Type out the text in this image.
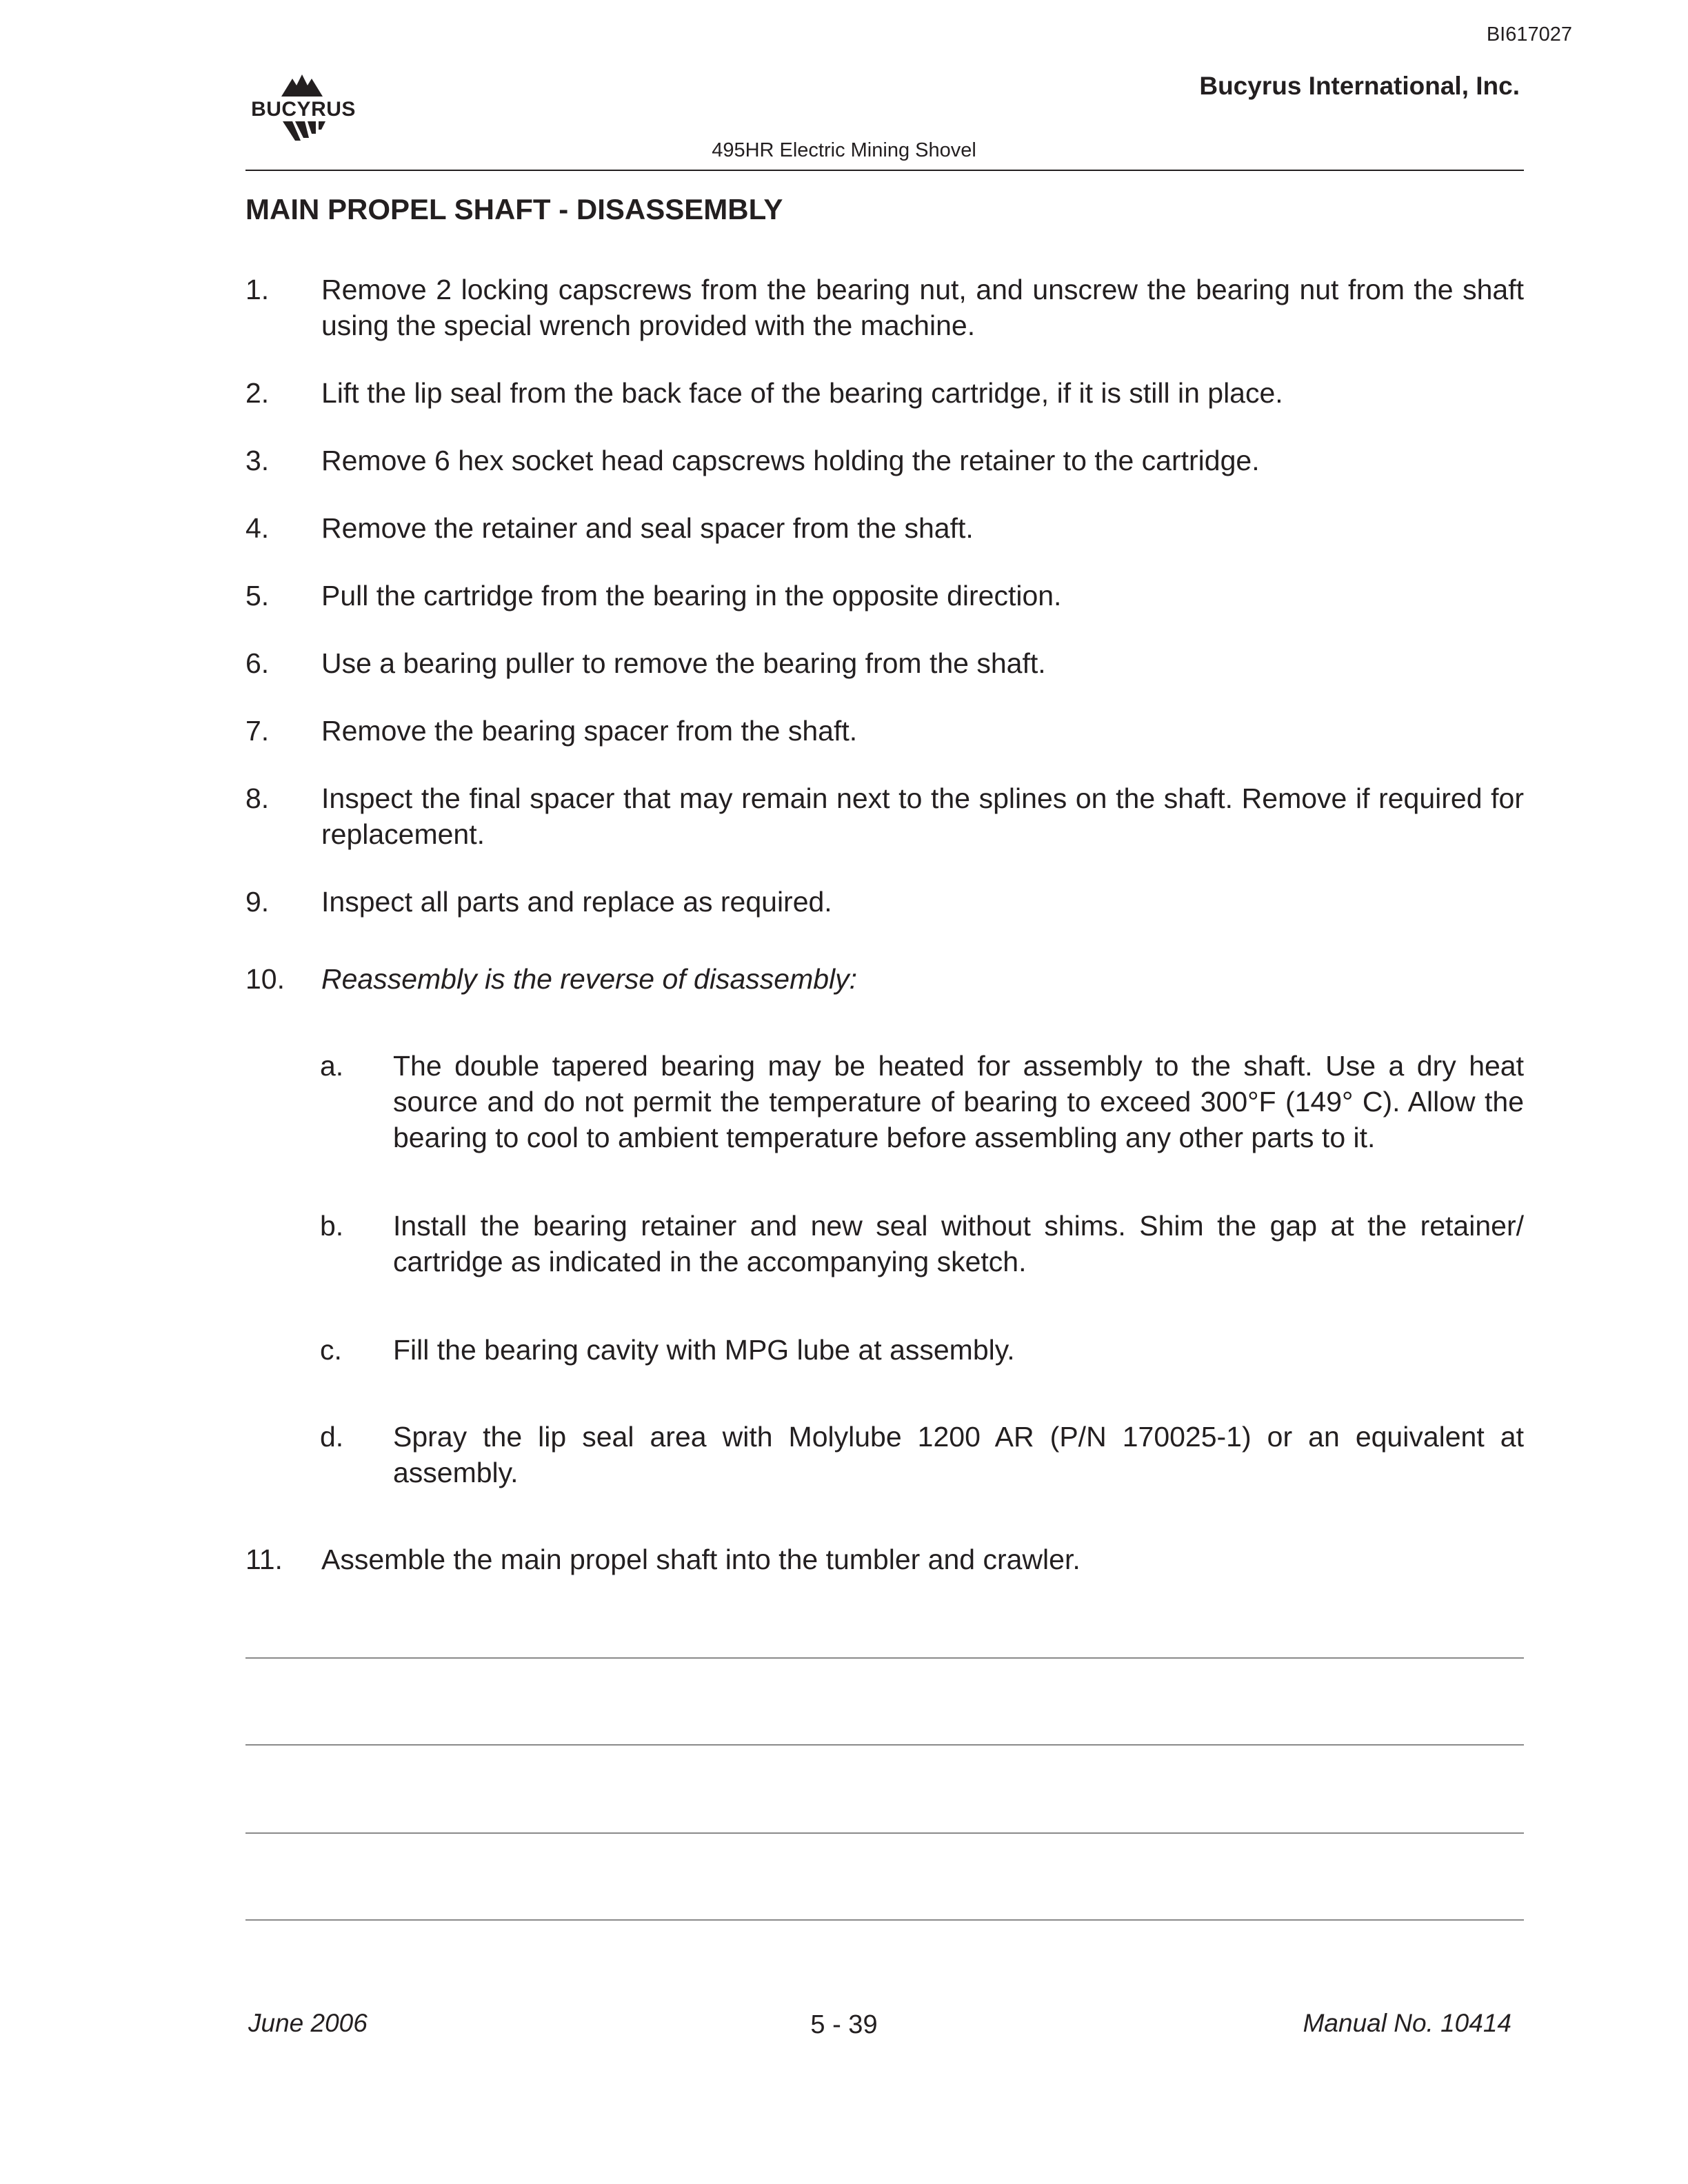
BI617027
Bucyrus International, Inc.
BUCYRUS
495HR Electric Mining Shovel
MAIN PROPEL SHAFT - DISASSEMBLY
1. Remove 2 locking capscrews from the bearing nut, and unscrew the bearing nut from the shaft using the special wrench provided with the machine.
2. Lift the lip seal from the back face of the bearing cartridge, if it is still in place.
3. Remove 6 hex socket head capscrews holding the retainer to the cartridge.
4. Remove the retainer and seal spacer from the shaft.
5. Pull the cartridge from the bearing in the opposite direction.
6. Use a bearing puller to remove the bearing from the shaft.
7. Remove the bearing spacer from the shaft.
8. Inspect the final spacer that may remain next to the splines on the shaft. Remove if required for replacement.
9. Inspect all parts and replace as required.
10. Reassembly is the reverse of disassembly:
a. The double tapered bearing may be heated for assembly to the shaft. Use a dry heat source and do not permit the temperature of bearing to exceed 300°F (149° C). Allow the bearing to cool to ambient temperature before assembling any other parts to it.
b. Install the bearing retainer and new seal without shims. Shim the gap at the retainer/ cartridge as indicated in the accompanying sketch.
c. Fill the bearing cavity with MPG lube at assembly.
d. Spray the lip seal area with Molylube 1200 AR (P/N 170025-1) or an equivalent at assembly.
11. Assemble the main propel shaft into the tumbler and crawler.
June 2006	5 - 39	Manual No. 10414
